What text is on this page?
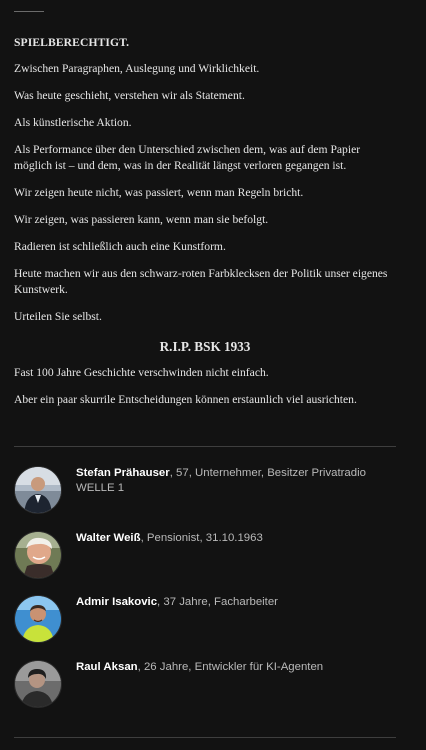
SPIELBERECHTIGT.

Zwischen Paragraphen, Auslegung und Wirklichkeit.

Was heute geschieht, verstehen wir als Statement.

Als künstlerische Aktion.

Als Performance über den Unterschied zwischen dem, was auf dem Papier möglich ist – und dem, was in der Realität längst verloren gegangen ist.

Wir zeigen heute nicht, was passiert, wenn man Regeln bricht.

Wir zeigen, was passieren kann, wenn man sie befolgt.

Radieren ist schließlich auch eine Kunstform.

Heute machen wir aus den schwarz-roten Farbklecksen der Politik unser eigenes Kunstwerk.

Urteilen Sie selbst.

R.I.P. BSK 1933

Fast 100 Jahre Geschichte verschwinden nicht einfach.

Aber ein paar skurrile Entscheidungen können erstaunlich viel ausrichten.

Stefan Prähauser, 57, Unternehmer, Besitzer Privatradio WELLE 1
Walter Weiß, Pensionist, 31.10.1963
Admir Isakovic, 37 Jahre, Facharbeiter
Raul Aksan, 26 Jahre, Entwickler für KI-Agenten
